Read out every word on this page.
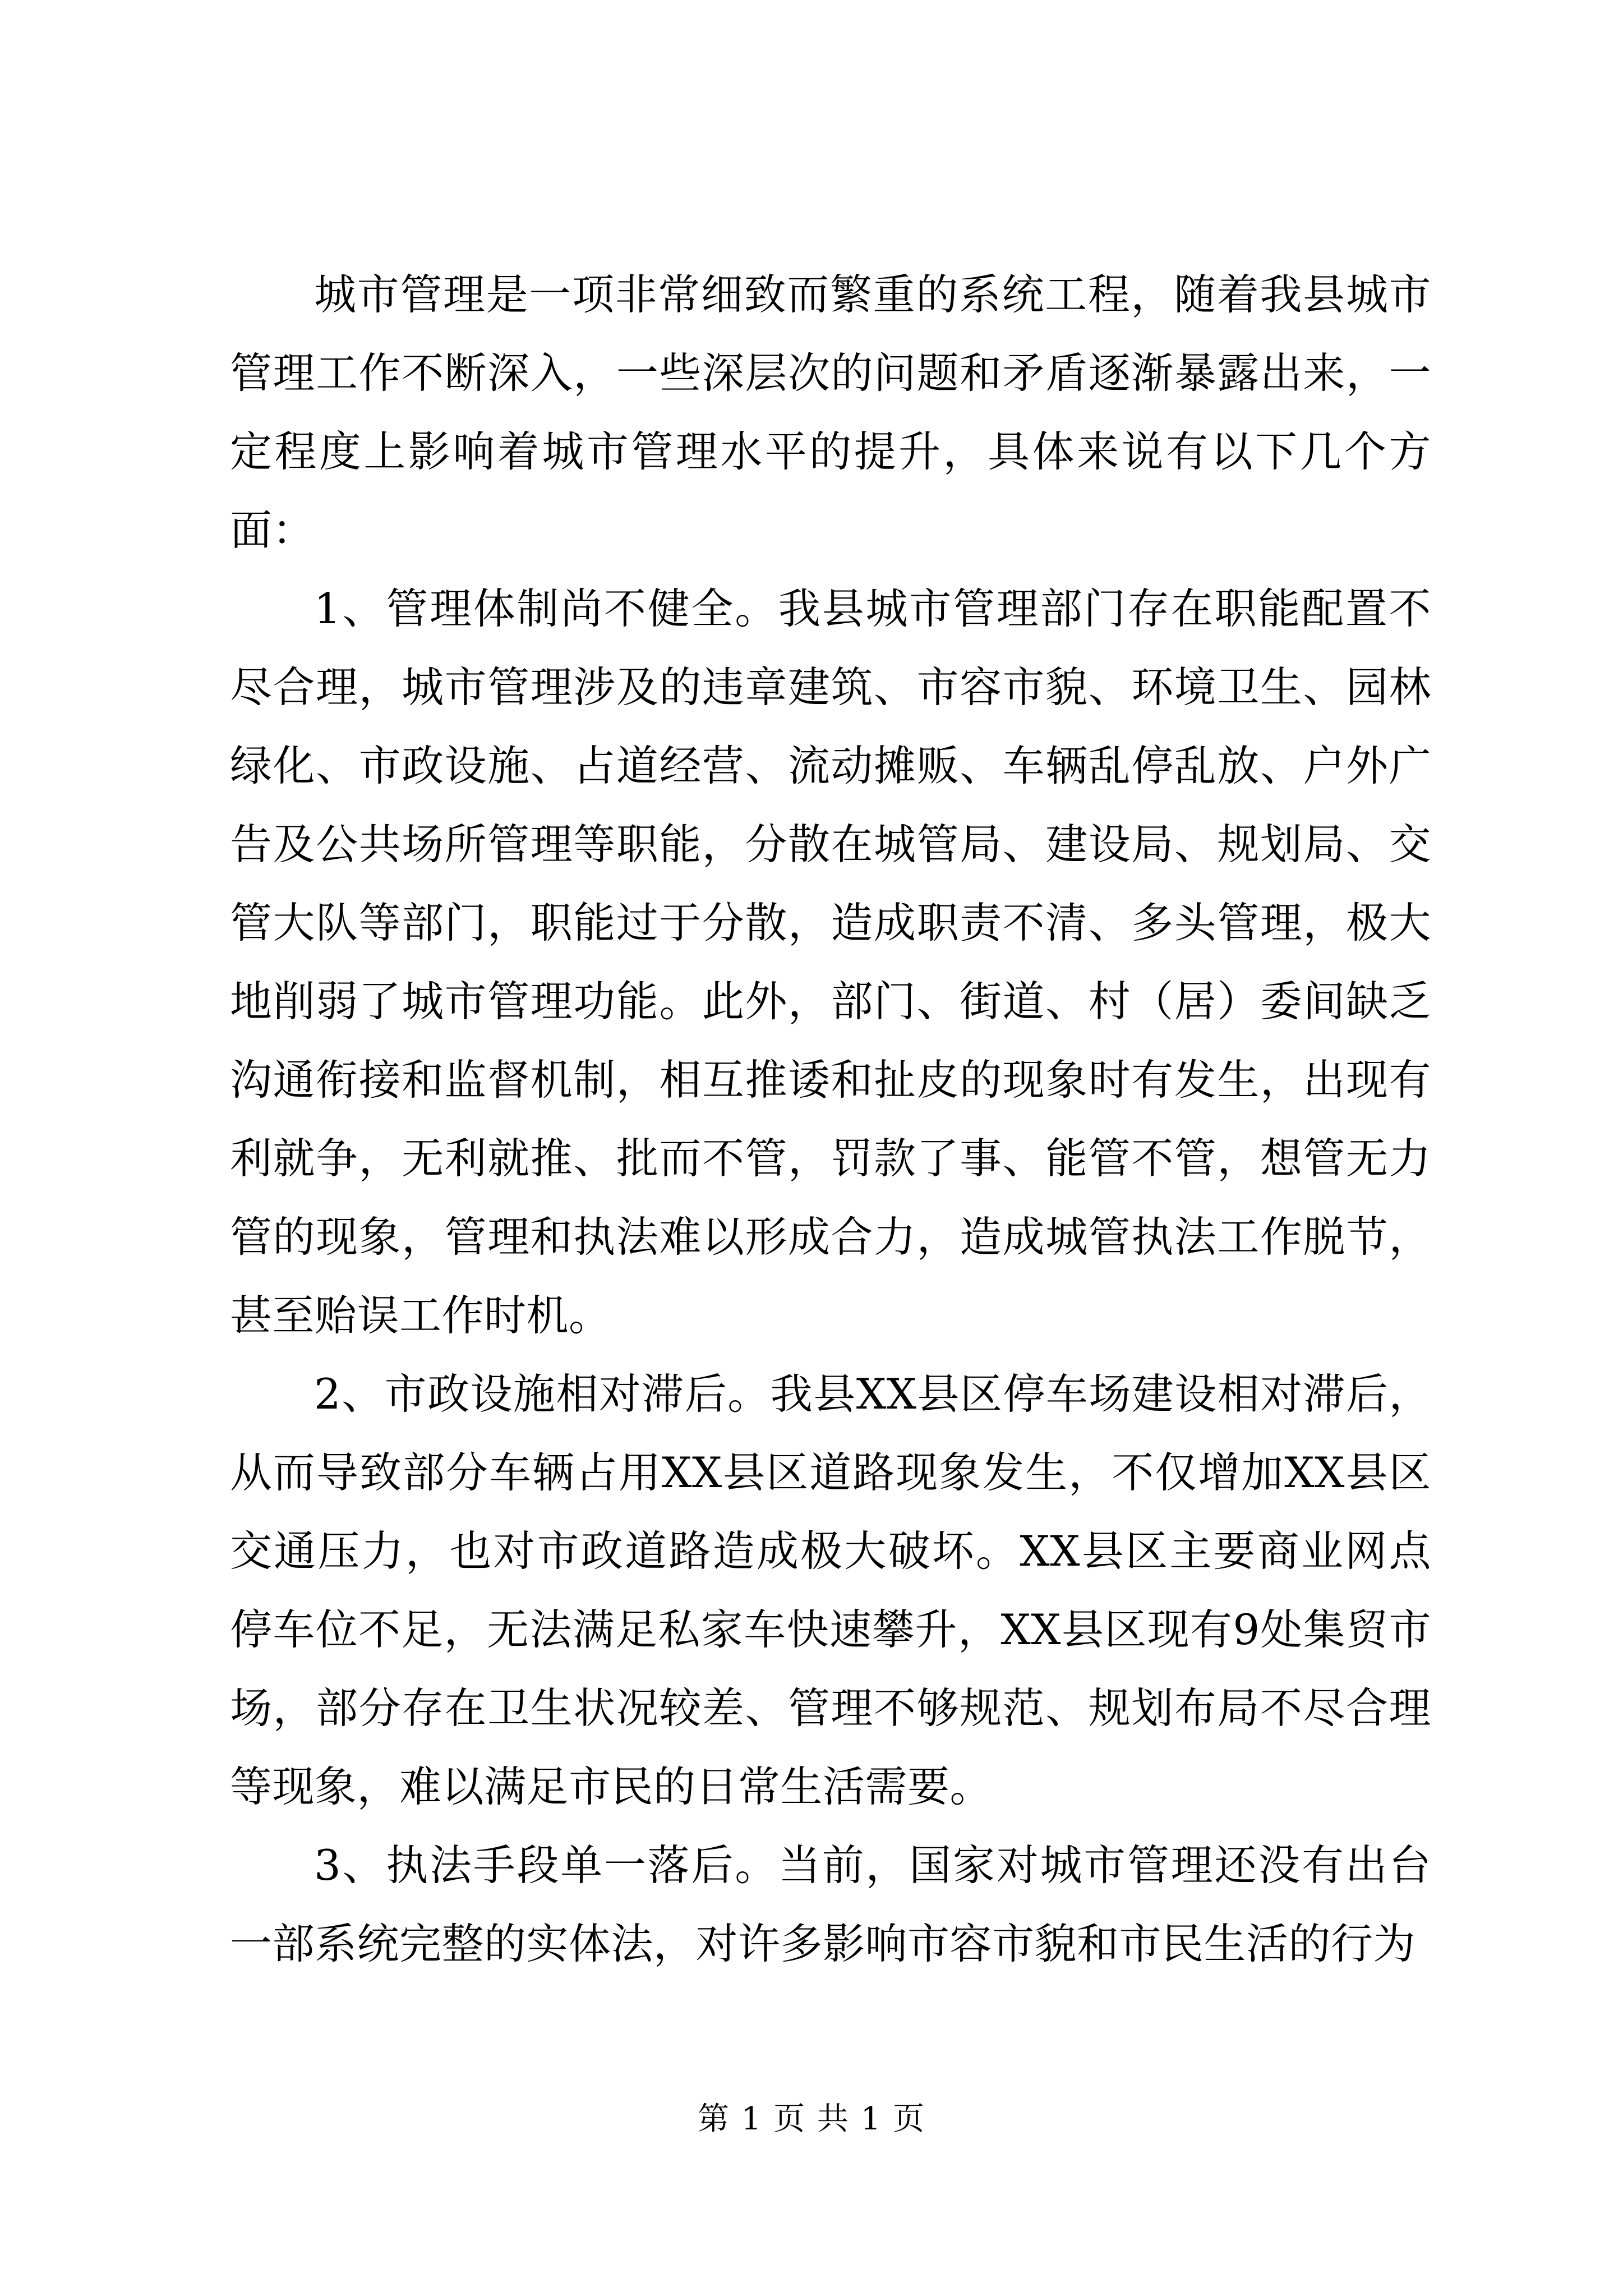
城市管理是一项非常细致而繁重的系统工程，随着我县城市管理工作不断深入，一些深层次的问题和矛盾逐渐暴露出来，一定程度上影响着城市管理水平的提升，具体来说有以下几个方面：

1、管理体制尚不健全。我县城市管理部门存在职能配置不尽合理，城市管理涉及的违章建筑、市容市貌、环境卫生、园林绿化、市政设施、占道经营、流动摊贩、车辆乱停乱放、户外广告及公共场所管理等职能，分散在城管局、建设局、规划局、交管大队等部门，职能过于分散，造成职责不清、多头管理，极大地削弱了城市管理功能。此外，部门、街道、村（居）委间缺乏沟通衔接和监督机制，相互推诿和扯皮的现象时有发生，出现有利就争，无利就推、批而不管，罚款了事、能管不管，想管无力管的现象，管理和执法难以形成合力，造成城管执法工作脱节，甚至贻误工作时机。

2、市政设施相对滞后。我县XX县区停车场建设相对滞后，从而导致部分车辆占用XX县区道路现象发生，不仅增加XX县区交通压力，也对市政道路造成极大破坏。XX县区主要商业网点停车位不足，无法满足私家车快速攀升，XX县区现有9处集贸市场，部分存在卫生状况较差、管理不够规范、规划布局不尽合理等现象，难以满足市民的日常生活需要。

3、执法手段单一落后。当前，国家对城市管理还没有出台一部系统完整的实体法，对许多影响市容市貌和市民生活的行为

第 1 页 共 1 页
